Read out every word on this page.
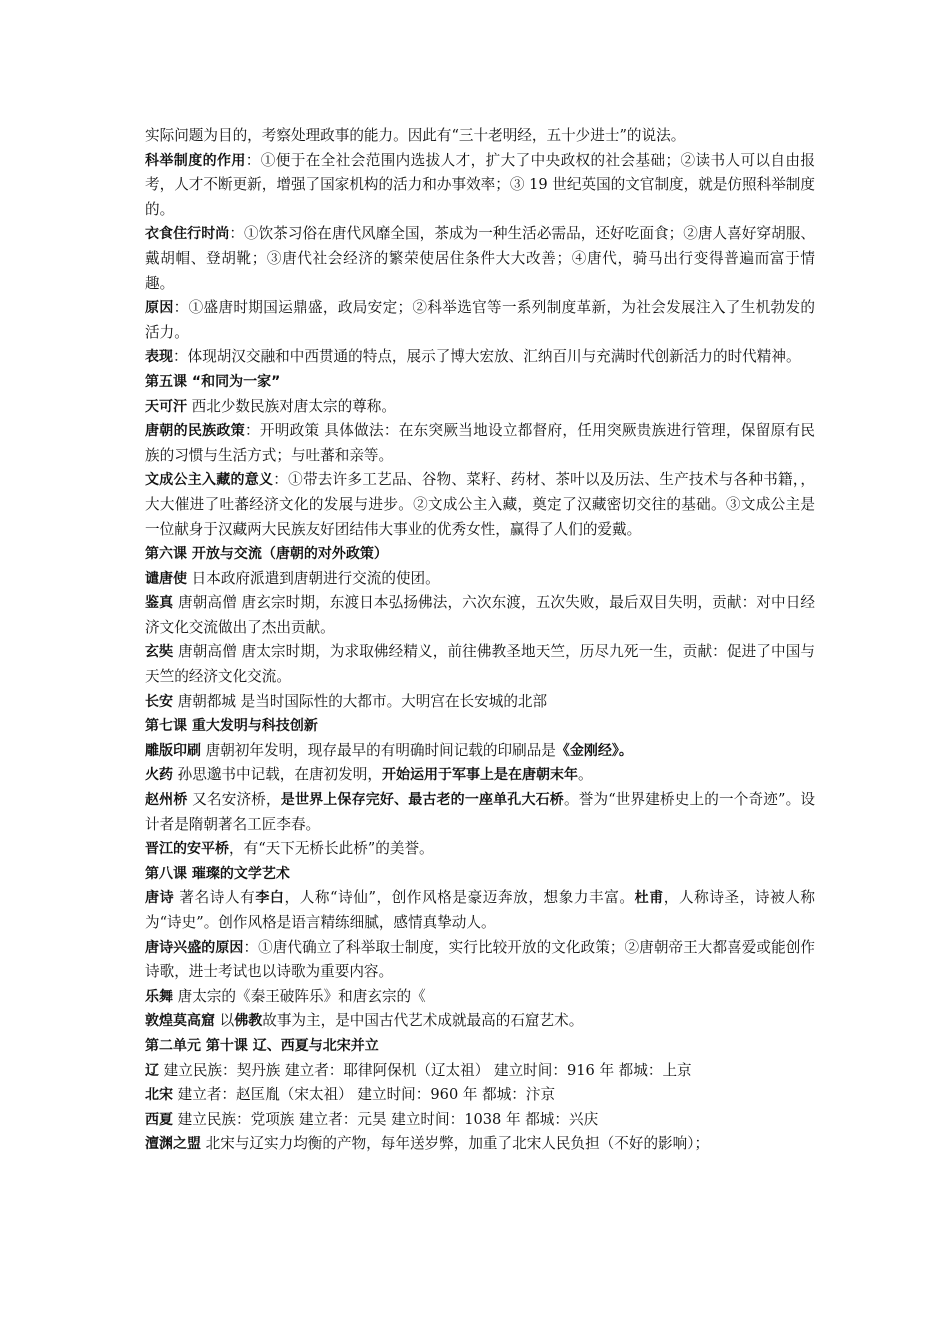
实际问题为目的，考察处理政事的能力。因此有“三十老明经，五十少进士”的说法。

科举制度的作用：①便于在全社会范围内选拔人才，扩大了中央政权的社会基础；②读书人可以自由报考，人才不断更新，增强了国家机构的活力和办事效率；③ 19 世纪英国的文官制度，就是仿照科举制度的。

衣食住行时尚：①饮茶习俗在唐代风靡全国，茶成为一种生活必需品，还好吃面食；②唐人喜好穿胡服、戴胡帽、登胡靴；③唐代社会经济的繁荣使居住条件大大改善；④唐代，骑马出行变得普遍而富于情趣。

原因：①盛唐时期国运鼎盛，政局安定；②科举选官等一系列制度革新，为社会发展注入了生机勃发的活力。

表现：体现胡汉交融和中西贯通的特点，展示了博大宏放、汇纳百川与充满时代创新活力的时代精神。

第五课 “和同为一家”

天可汗 西北少数民族对唐太宗的尊称。

唐朝的民族政策：开明政策 具体做法：在东突厥当地设立都督府，任用突厥贵族进行管理，保留原有民族的习惯与生活方式；与吐蕃和亲等。

文成公主入藏的意义：①带去许多工艺品、谷物、菜籽、药材、茶叶以及历法、生产技术与各种书籍，，大大催进了吐蕃经济文化的发展与进步。②文成公主入藏，奠定了汉藏密切交往的基础。③文成公主是一位献身于汉藏两大民族友好团结伟大事业的优秀女性，赢得了人们的爱戴。

第六课 开放与交流（唐朝的对外政策）

谴唐使 日本政府派遣到唐朝进行交流的使团。

鉴真 唐朝高僧 唐玄宗时期，东渡日本弘扬佛法，六次东渡，五次失败，最后双目失明，贡献：对中日经济文化交流做出了杰出贡献。

玄奘 唐朝高僧 唐太宗时期，为求取佛经精义，前往佛教圣地天竺，历尽九死一生，贡献：促进了中国与天竺的经济文化交流。

长安 唐朝都城 是当时国际性的大都市。大明宫在长安城的北部

第七课 重大发明与科技创新

雕版印刷 唐朝初年发明，现存最早的有明确时间记载的印刷品是《金刚经》。

火药 孙思邈书中记载，在唐初发明，开始运用于军事上是在唐朝末年。

赵州桥 又名安济桥，是世界上保存完好、最古老的一座单孔大石桥。誉为“世界建桥史上的一个奇迹”。设计者是隋朝著名工匠李春。

晋江的安平桥，有“天下无桥长此桥”的美誉。

第八课 璀璨的文学艺术

唐诗 著名诗人有李白，人称“诗仙”，创作风格是豪迈奔放，想象力丰富。杜甫，人称诗圣，诗被人称为“诗史”。创作风格是语言精练细腻，感情真挚动人。

唐诗兴盛的原因：①唐代确立了科举取士制度，实行比较开放的文化政策；②唐朝帝王大都喜爱或能创作诗歌，进士考试也以诗歌为重要内容。

乐舞 唐太宗的《秦王破阵乐》和唐玄宗的《

敦煌莫高窟 以佛教故事为主，是中国古代艺术成就最高的石窟艺术。

第二单元 第十课 辽、西夏与北宋并立

辽 建立民族：契丹族 建立者：耶律阿保机（辽太祖） 建立时间：916 年 都城：上京

北宋 建立者：赵匡胤（宋太祖） 建立时间：960 年 都城：汴京

西夏 建立民族：党项族 建立者：元昊 建立时间：1038 年 都城：兴庆

澶渊之盟 北宋与辽实力均衡的产物，每年送岁弊，加重了北宋人民负担（不好的影响）；
